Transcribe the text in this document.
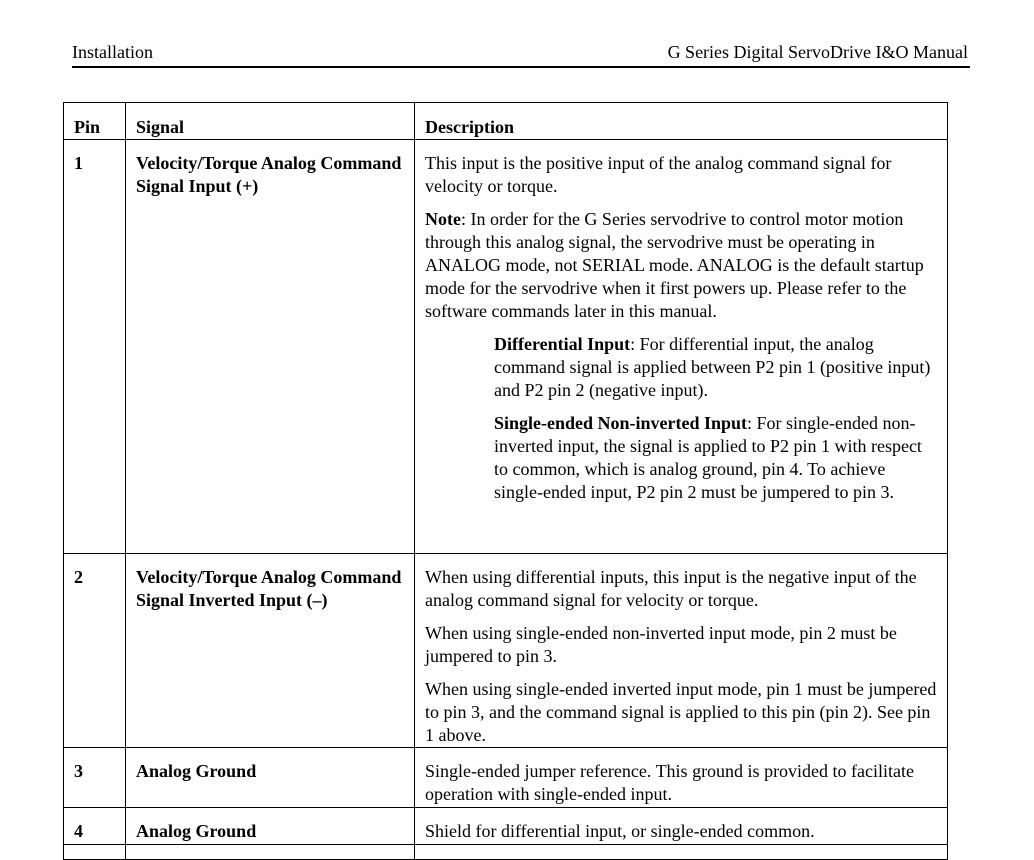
Installation	G Series Digital ServoDrive I&O Manual
Pin	Signal	Description
1	Velocity/Torque Analog Command Signal Input (+)	This input is the positive input of the analog command signal for velocity or torque.

Note: In order for the G Series servodrive to control motor motion through this analog signal, the servodrive must be operating in ANALOG mode, not SERIAL mode. ANALOG is the default startup mode for the servodrive when it first powers up. Please refer to the software commands later in this manual.

Differential Input: For differential input, the analog command signal is applied between P2 pin 1 (positive input) and P2 pin 2 (negative input).

Single-ended Non-inverted Input: For single-ended non-inverted input, the signal is applied to P2 pin 1 with respect to common, which is analog ground, pin 4. To achieve single-ended input, P2 pin 2 must be jumpered to pin 3.

2	Velocity/Torque Analog Command Signal Inverted Input (–)	When using differential inputs, this input is the negative input of the analog command signal for velocity or torque.

When using single-ended non-inverted input mode, pin 2 must be jumpered to pin 3.

When using single-ended inverted input mode, pin 1 must be jumpered to pin 3, and the command signal is applied to this pin (pin 2). See pin 1 above.

3	Analog Ground	Single-ended jumper reference. This ground is provided to facilitate operation with single-ended input.

4	Analog Ground	Shield for differential input, or single-ended common.
